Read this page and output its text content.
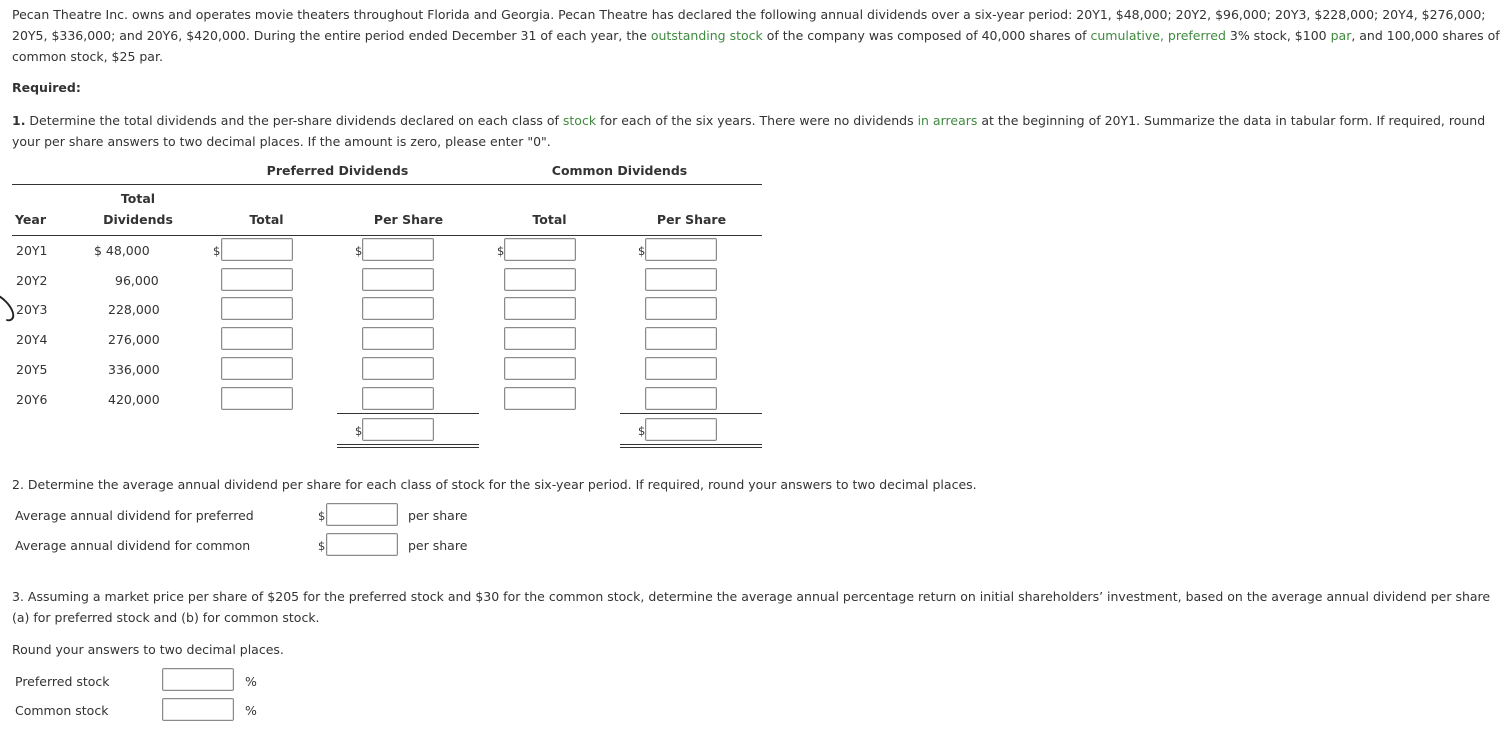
Pecan Theatre Inc. owns and operates movie theaters throughout Florida and Georgia. Pecan Theatre has declared the following annual dividends over a six-year period: 20Y1, $48,000; 20Y2, $96,000; 20Y3, $228,000; 20Y4, $276,000; 20Y5, $336,000; and 20Y6, $420,000. During the entire period ended December 31 of each year, the outstanding stock of the company was composed of 40,000 shares of cumulative, preferred 3% stock, $100 par, and 100,000 shares of common stock, $25 par.
Required:
1. Determine the total dividends and the per-share dividends declared on each class of stock for each of the six years. There were no dividends in arrears at the beginning of 20Y1. Summarize the data in tabular form. If required, round your per share answers to two decimal places. If the amount is zero, please enter "0".
Preferred Dividends	Common Dividends
Total
Year	Dividends	Total	Per Share	Total	Per Share
20Y1	$ 48,000	$	$	$	$
20Y2	96,000
20Y3	228,000
20Y4	276,000
20Y5	336,000
20Y6	420,000
$	$
2. Determine the average annual dividend per share for each class of stock for the six-year period. If required, round your answers to two decimal places.
Average annual dividend for preferred	$	per share
Average annual dividend for common	$	per share
3. Assuming a market price per share of $205 for the preferred stock and $30 for the common stock, determine the average annual percentage return on initial shareholders’ investment, based on the average annual dividend per share (a) for preferred stock and (b) for common stock.
Round your answers to two decimal places.
Preferred stock	%
Common stock	%
